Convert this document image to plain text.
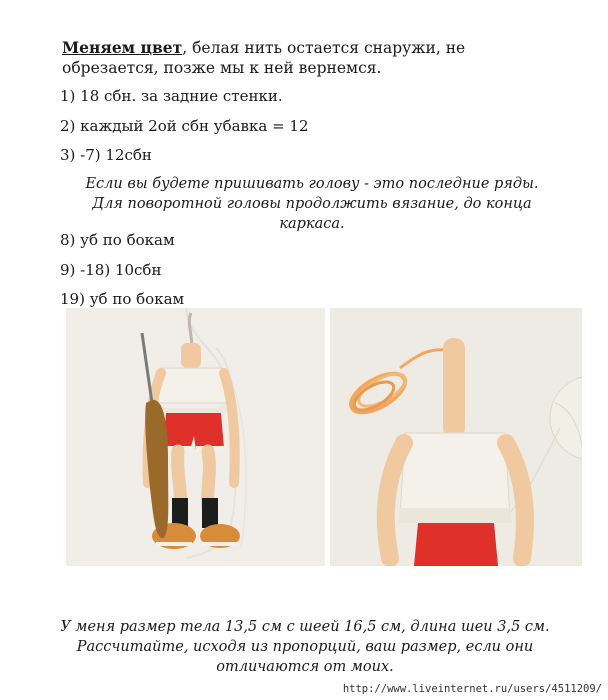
Меняем цвет, белая нить остается снаружи, не обрезается, позже мы к ней вернемся.
1) 18 сбн. за задние стенки.
2) каждый 2ой сбн убавка = 12
3) -7) 12сбн
Если вы будете пришивать голову - это последние ряды. Для поворотной головы продолжить вязание, до конца каркаса.
8) уб по бокам
9) -18) 10сбн
19) уб по бокам
У меня размер тела 13,5 см с шеей 16,5 см, длина шеи 3,5 см. Рассчитайте, исходя из пропорций, ваш размер, если они отличаются от моих.
http://www.liveinternet.ru/users/4511209/
